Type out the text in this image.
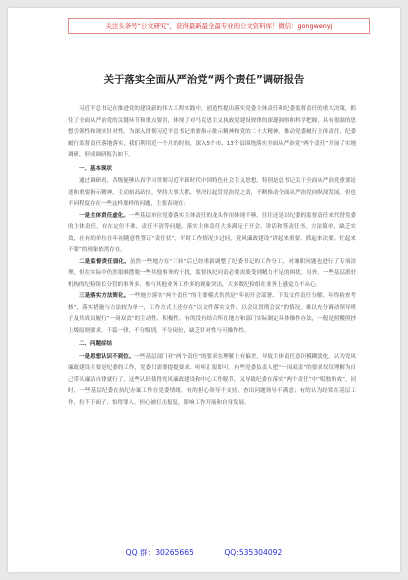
关注头条号“公文研究”，获得最新最全最专业的公文资料库！微信：gongwenyj
关于落实全面从严治党“两个责任”调研报告

习近平总书记在推进党的建设新的伟大工程实践中，创造性提出落实党委主体责任和纪委监督责任的重大决策，抓住了全面从严治党的关键环节和重点要害，体现了对马克思主义执政党建设规律的深邃洞察和科学把握，具有很强的思想引领性和现实针对性。为深入贯彻习近平总书记重要指示批示精神和党的二十大精神，推动党委履行主体责任、纪委履行监督责任落地落实，我们利用近一个月的时间，深入5个市、13个县围绕落实全面从严治党“两个责任”开展了实地调研，形成调研报告如下。

一、基本现状

通过调研看，各级能够认真学习贯彻习近平新时代中国特色社会主义思想，特别是总书记关于全面从严治党重要论述和重要指示精神，主动抬高站位，坚持大事大抓，坚决扛起管党治党之责，不断推动全面从严治党向纵深发展。但也不同程度存在一些这样那样的问题，主要表现在：

一是主体责任虚化。一些基层单位党委落实主体责任的龙头作用体现不够，往往还是以纪委的监督责任来代替党委的主体责任，存在定位不准、责任不清等问题。落实主体责任大多满足于开会、讲话和签责任书，方法简单，缺乏实效，在有的单位在年初随意性签订“责任状”，平时工作情况少过问，党风廉政建设“讲起来重要、抓起来次要、忙起来不要”的现象依然存在。

二是监督责任弱化。虽然一些地方在“三转”后已经重新调整了纪委书记的工作分工，对兼职问题也进行了专项清理，但在实际中仍然很难摆脱一些其他事务的干扰，监督执纪问责必要需要受到精力不足的困扰。另外，一些基层派驻机构的纪检组长分管的事务多，参与其他业务工作多的现象突出，大多数纪检组在业务上感觉力不从心。

三是落实方法简化。一些地方落实“两个责任”的主要模式仍然是“年初开会部署、下发文件责任分解、年终检查考核”，落实措施与方法较为单一，工作方式上还存在“以文件落实文件、以会议贯彻会议”的情况，难以充分调动领导班子及其成员履行“一岗双责”的主动性、积极性。有的没有结合所在地方和部门实际制定具体操作办法，一般是照搬照抄上级原则要求，千篇一律，不分级别，不分岗位，缺乏针对性与可操作性。

二、问题症结

一是思想认识不到位。一些基层部门对“两个责任”的要求在理解上有偏差，导致主体责任意识模糊淡化，认为党风廉政建设主要是纪委的工作，党委只需要提提要求、听听汇报即可。有些党委负责人把“一岗双责”的要求仅仅理解为自己带头廉洁自律就行了，这些认识使得党风廉政建设和中心工作脱节，又导致纪委在落实“两个责任”中“唱独角戏”。同时，一些基层纪委在执纪办案工作在党委情绪，有的担心领导不支持，查出问题领导不满意；有的认为经常在基层工作，拉不下面子，怕得罪人，担心被打击报复，影响工作开展和自身发展。

QQ 群：30265665	QQ:535304092
